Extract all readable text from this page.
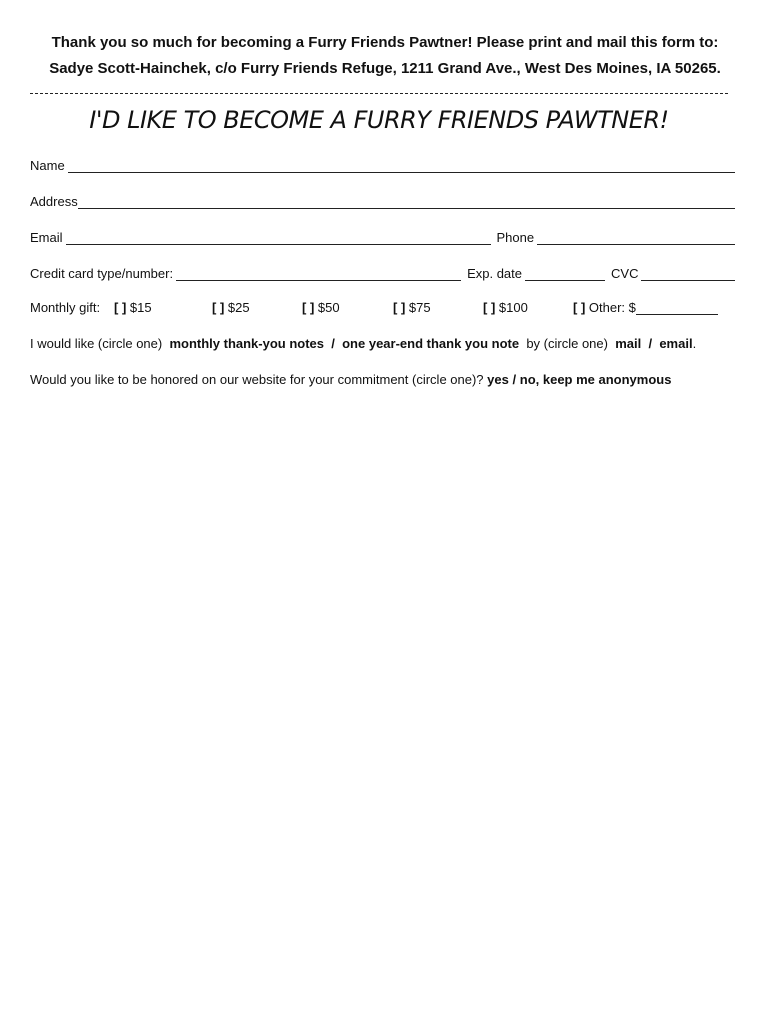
Thank you so much for becoming a Furry Friends Pawtner! Please print and mail this form to:
Sadye Scott-Hainchek, c/o Furry Friends Refuge, 1211 Grand Ave., West Des Moines, IA 50265.
I'D LIKE TO BECOME A FURRY FRIENDS PAWTNER!
Name
Address
Email	Phone
Credit card type/number:	Exp. date	CVC
Monthly gift: [ ] $15	[ ] $25	[ ] $50	[ ] $75	[ ] $100	[ ]
Other: $
I would like (circle one) monthly thank-you notes / one year-end thank you note by (circle one) mail / email.
Would you like to be honored on our website for your commitment (circle one)? yes / no, keep me anonymous
